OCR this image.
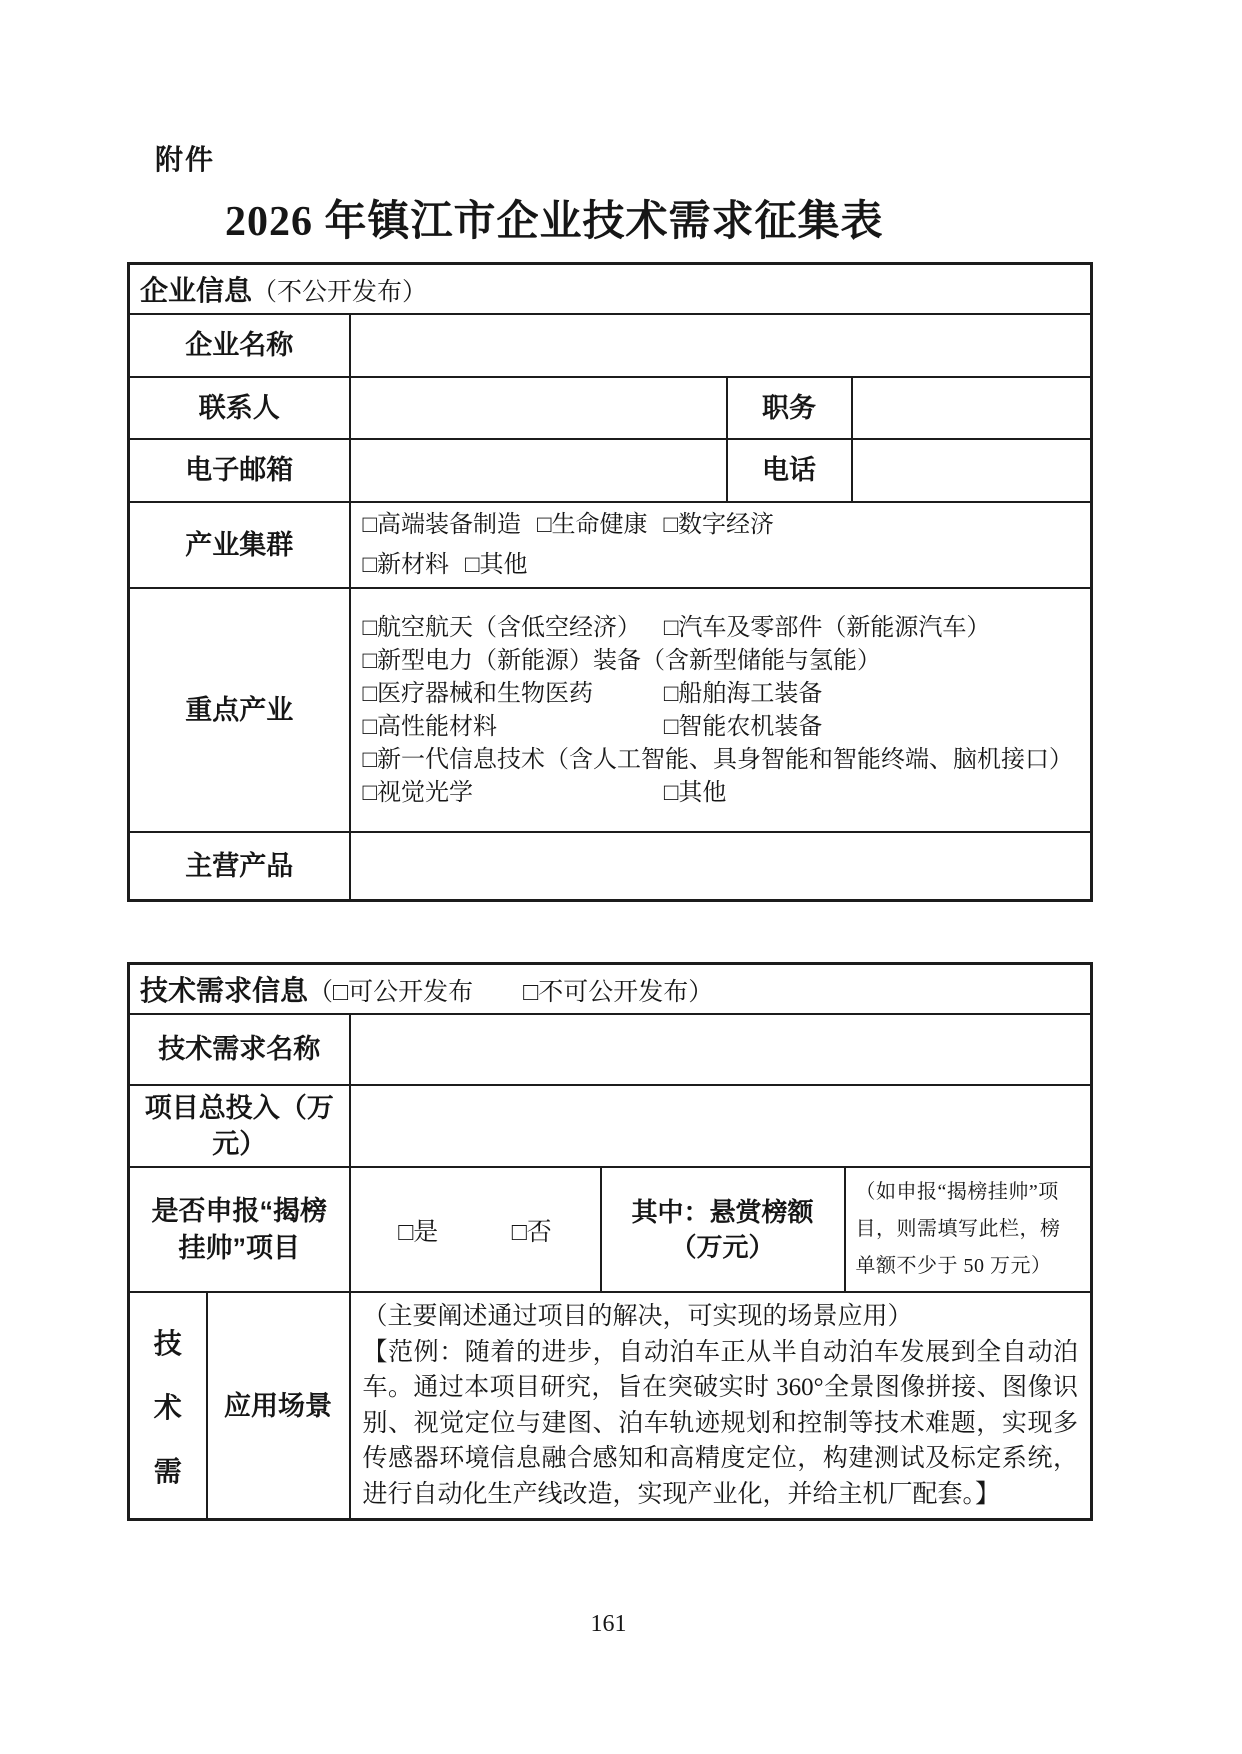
附件
2026 年镇江市企业技术需求征集表
企业信息（不公开发布）			
企业名称			
联系人		职务	
电子邮箱		电话	
产业集群	□高端装备制造 □生命健康 □数字经济
□新材料 □其他		

重点产业	
□航空航天（含低空经济） □汽车及零部件（新能源汽车）
□新型电力（新能源）装备（含新型储能与氢能）
□医疗器械和生物医药	□船舶海工装备
□高性能材料	□智能农机装备
□新一代信息技术（含人工智能、具身智能和智能终端、脑机接口）
□视觉光学	□其他

主营产品			
技术需求信息（□可公开发布　　□不可公开发布）				
技术需求名称				
项目总投入（万元）				
是否申报“揭榜挂帅”项目		□是 □否	其中：悬赏榜额（万元）	（如申报“揭榜挂帅”项目，则需填写此栏，榜单额不少于 50 万元）

技
术
需
	应用场景	
（主要阐述通过项目的解决，可实现的场景应用）
【范例：随着的进步，自动泊车正从半自动泊车发展到全自动泊车。通过本项目研究，旨在突破实时 360°全景图像拼接、图像识别、视觉定位与建图、泊车轨迹规划和控制等技术难题，实现多传感器环境信息融合感知和高精度定位，构建测试及标定系统，进行自动化生产线改造，实现产业化，并给主机厂配套。】
161
